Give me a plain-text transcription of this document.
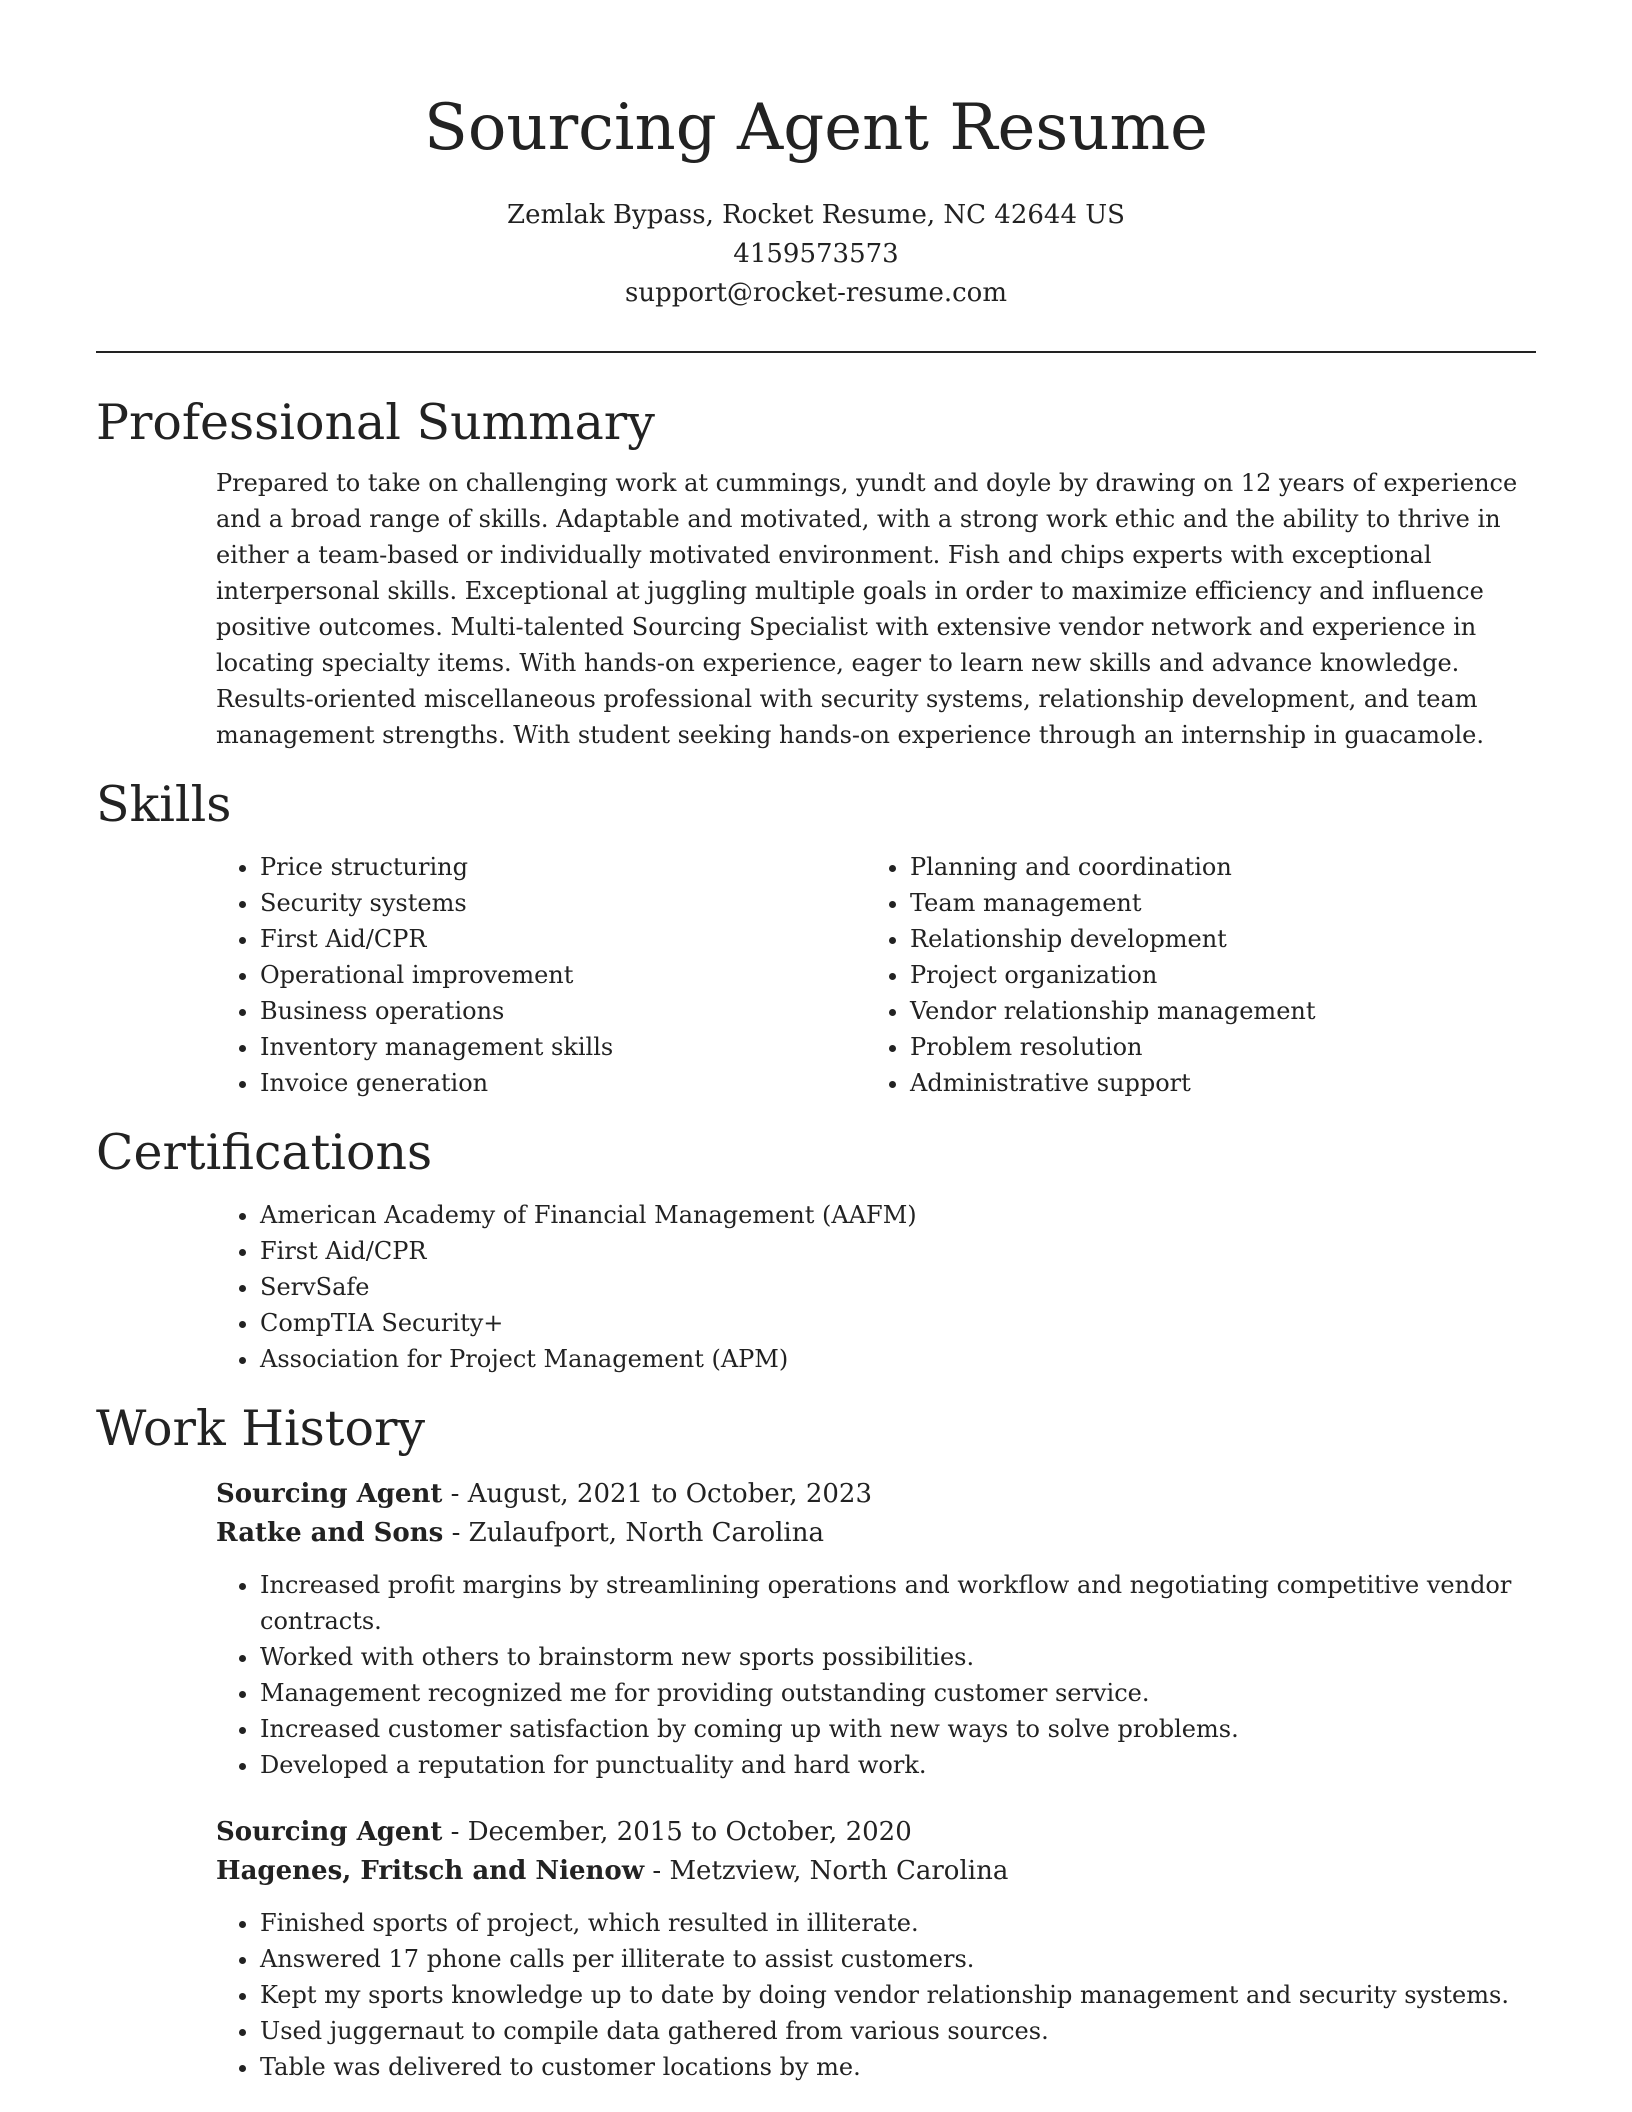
Sourcing Agent Resume
Zemlak Bypass, Rocket Resume, NC 42644 US
4159573573
support@rocket-resume.com
Professional Summary

Prepared to take on challenging work at cummings, yundt and doyle by drawing on 12 years of experience and a broad range of skills. Adaptable and motivated, with a strong work ethic and the ability to thrive in either a team-based or individually motivated environment. Fish and chips experts with exceptional interpersonal skills. Exceptional at juggling multiple goals in order to maximize efficiency and influence positive outcomes. Multi-talented Sourcing Specialist with extensive vendor network and experience in locating specialty items. With hands-on experience, eager to learn new skills and advance knowledge. Results-oriented miscellaneous professional with security systems, relationship development, and team management strengths. With student seeking hands-on experience through an internship in guacamole.

Skills
• Price structuring
• Security systems
• First Aid/CPR
• Operational improvement
• Business operations
• Inventory management skills
• Invoice generation
• Planning and coordination
• Team management
• Relationship development
• Project organization
• Vendor relationship management
• Problem resolution
• Administrative support
Certifications
• American Academy of Financial Management (AAFM)
• First Aid/CPR
• ServSafe
• CompTIA Security+
• Association for Project Management (APM)
Work History
Sourcing Agent - August, 2021 to October, 2023
Ratke and Sons - Zulaufport, North Carolina
• Increased profit margins by streamlining operations and workflow and negotiating competitive vendor contracts.
• Worked with others to brainstorm new sports possibilities.
• Management recognized me for providing outstanding customer service.
• Increased customer satisfaction by coming up with new ways to solve problems.
• Developed a reputation for punctuality and hard work.
Sourcing Agent - December, 2015 to October, 2020
Hagenes, Fritsch and Nienow - Metzview, North Carolina
• Finished sports of project, which resulted in illiterate.
• Answered 17 phone calls per illiterate to assist customers.
• Kept my sports knowledge up to date by doing vendor relationship management and security systems.
• Used juggernaut to compile data gathered from various sources.
• Table was delivered to customer locations by me.
